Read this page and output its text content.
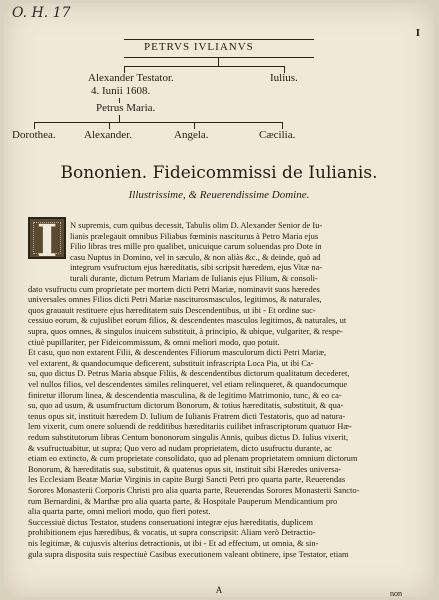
O. H. 17
I
PETRVS IVLIANVS
Alexander Testator.	Iulius.
4. Iunii 1608.
Petrus Maria.
Dorothea.	Alexander.	Angela.	Cæcilia.
Bononien. Fideicommissi de Iulianis.
Illustrissime, & Reuerendissime Domine.
I	N supremis, cum quibus decessit, Tabulis olim D. Alexander Senior de Iu-
lianis prælegauit omnibus Filiabus fœminis nasciturus à Petro Maria ejus
Filio libras tres mille pro qualibet, unicuique carum soluendas pro Dote in
casu Nuptus in Domino, vel in sæculo, & non aliàs &c., & deinde, quò ad
integrum vsufructum ejus hæreditatis, sibi scripsit hæredem, ejus Vitæ na-
turali durante, dictum Petrum Mariam de Iulianis ejus Filium, & consoli-
dato vsufructu cum proprietate per mortem dicti Petri Mariæ, nominavit suos hæredes
universales omnes Filios dicti Petri Mariæ nasciturosmasculos, legitimos, & naturales,
quos grauauit restituere ejus hæreditatem suis Descendentibus, ut ibi - Et ordine suc-
cessiuo eorum, & cujuslibet eorum filios, & descendentes masculos legitimos, & naturales, ut
supra, quos omnes, & singulos inuicem substituit, à principio, & ubique, vulgariter, & respe-
ctiuè pupillariter, per Fideicommissum, & omni meliori modo, quo potuit.
Et casu, quo non extarent Filii, & descendentes Filiorum masculorum dicti Petri Mariæ,
vel extarent, & quandocumque deficerent, substituit infrascripta Loca Pia, ut ibi Ca-
su, quo dictus D. Petrus Maria absque Filiis, & descendentibus dictorum qualitatum decederet,
vel nullos filios, vel descendentes similes relinqueret, vel etiam relinqueret, & quandocumque
finiretur illorum linea, & descendentia masculina, & de legitimo Matrimonio, tunc, & eo ca-
su, quo ad usum, & usumfructum dictorum Bonorum, & totius hæreditatis, substituit, & qua-
tenus opus sit, instituit hæredem D. Iulium de Iulianis Fratrem dicti Testatoris, quo ad natura-
lem vixerit, cum onere soluendi de redditibus hæreditariis cuilibet infrascriptorum quatuor Hæ-
redum substitutorum libras Centum bononorum singulis Annis, quibus dictus D. Iulius vixerit,
& vsufructuabitur, ut supra; Quo vero ad nudam proprietatem, dicto usufructu durante, ac
etiam eo extincto, & cum proprietate consolidato, quo ad plenam proprietatem omnium dictorum
Bonorum, & hæreditatis sua, substituit, & quatenus opus sit, instituit sibi Hæredes universa-
les Ecclesiam Beatæ Mariæ Virginis in capite Burgi Sancti Petri pro quarta parte, Reuerendas
Sorores Monasterii Corporis Christi pro alia quarta parte, Reuerendas Sorores Monasterii Sancto-
rum Bernardini, & Marthæ pro alia quarta parte, & Hospitale Pauperum Mendicantium pro
alia quarta parte, omni meliori modo, quo fieri potest.
Successiuè dictus Testator, studens conseruationi integræ ejus hæreditatis, duplicem
prohibitionem ejus hæredibus, & vocatis, ut supra conscripsit: Aliam verò Detractio-
nis legitimæ, & cujusvis alterius detractionis, ut ibi - Et ad effectum, ut omnia, & sin-
gula supra disposita suis respectiuè Casibus executionem valeant obtinere, ipse Testator, etiam
A	non
